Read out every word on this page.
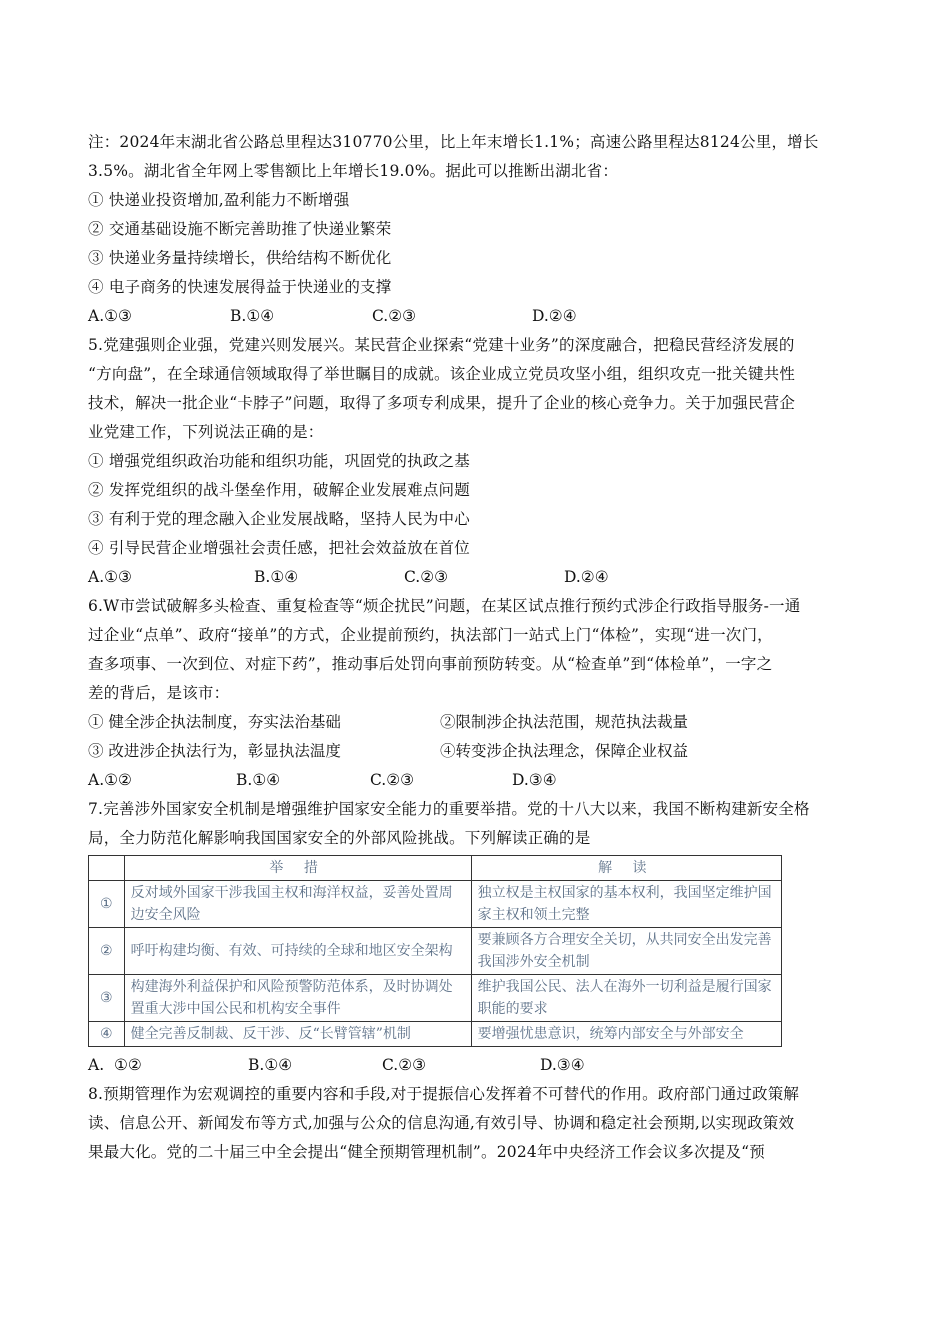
注：2024年末湖北省公路总里程达310770公里，比上年末增长1.1%；高速公路里程达8124公里，增长
3.5%。湖北省全年网上零售额比上年增长19.0%。据此可以推断出湖北省：
① 快递业投资增加,盈利能力不断增强
② 交通基础设施不断完善助推了快递业繁荣
③ 快递业务量持续增长，供给结构不断优化
④ 电子商务的快速发展得益于快递业的支撑
A.①③	B.①④	C.②③	D.②④
5.党建强则企业强，党建兴则发展兴。某民营企业探索“党建十业务”的深度融合，把稳民营经济发展的
“方向盘”，在全球通信领域取得了举世瞩目的成就。该企业成立党员攻坚小组，组织攻克一批关键共性
技术，解决一批企业“卡脖子”问题，取得了多项专利成果，提升了企业的核心竞争力。关于加强民营企
业党建工作，下列说法正确的是：
① 增强党组织政治功能和组织功能，巩固党的执政之基
② 发挥党组织的战斗堡垒作用，破解企业发展难点问题
③ 有利于党的理念融入企业发展战略，坚持人民为中心
④ 引导民营企业增强社会责任感，把社会效益放在首位
A.①③	B.①④	C.②③	D.②④
6.W市尝试破解多头检查、重复检查等“烦企扰民”问题，在某区试点推行预约式涉企行政指导服务-一通
过企业“点单”、政府“接单”的方式，企业提前预约，执法部门一站式上门“体检”，实现“进一次门，
查多项事、一次到位、对症下药”，推动事后处罚向事前预防转变。从“检查单”到“体检单”，一字之
差的背后，是该市：
① 健全涉企执法制度，夯实法治基础	②限制涉企执法范围，规范执法裁量
③ 改进涉企执法行为，彰显执法温度	④转变涉企执法理念，保障企业权益
A.①②	B.①④	C.②③	D.③④
7.完善涉外国家安全机制是增强维护国家安全能力的重要举措。党的十八大以来，我国不断构建新安全格
局，全力防范化解影响我国国家安全的外部风险挑战。下列解读正确的是
	举 措	解 读
①	反对域外国家干涉我国主权和海洋权益，妥善处置周边安全风险	独立权是主权国家的基本权利，我国坚定维护国家主权和领土完整
②	呼吁构建均衡、有效、可持续的全球和地区安全架构	要兼顾各方合理安全关切，从共同安全出发完善我国涉外安全机制
③	构建海外利益保护和风险预警防范体系，及时协调处置重大涉中国公民和机构安全事件	维护我国公民、法人在海外一切利益是履行国家职能的要求
④	健全完善反制裁、反干涉、反“长臂管辖”机制	要增强忧患意识，统筹内部安全与外部安全
A.  ①②	B.①④	C.②③	D.③④
8.预期管理作为宏观调控的重要内容和手段,对于提振信心发挥着不可替代的作用。政府部门通过政策解
读、信息公开、新闻发布等方式,加强与公众的信息沟通,有效引导、协调和稳定社会预期,以实现政策效
果最大化。党的二十届三中全会提出“健全预期管理机制”。2024年中央经济工作会议多次提及“预
